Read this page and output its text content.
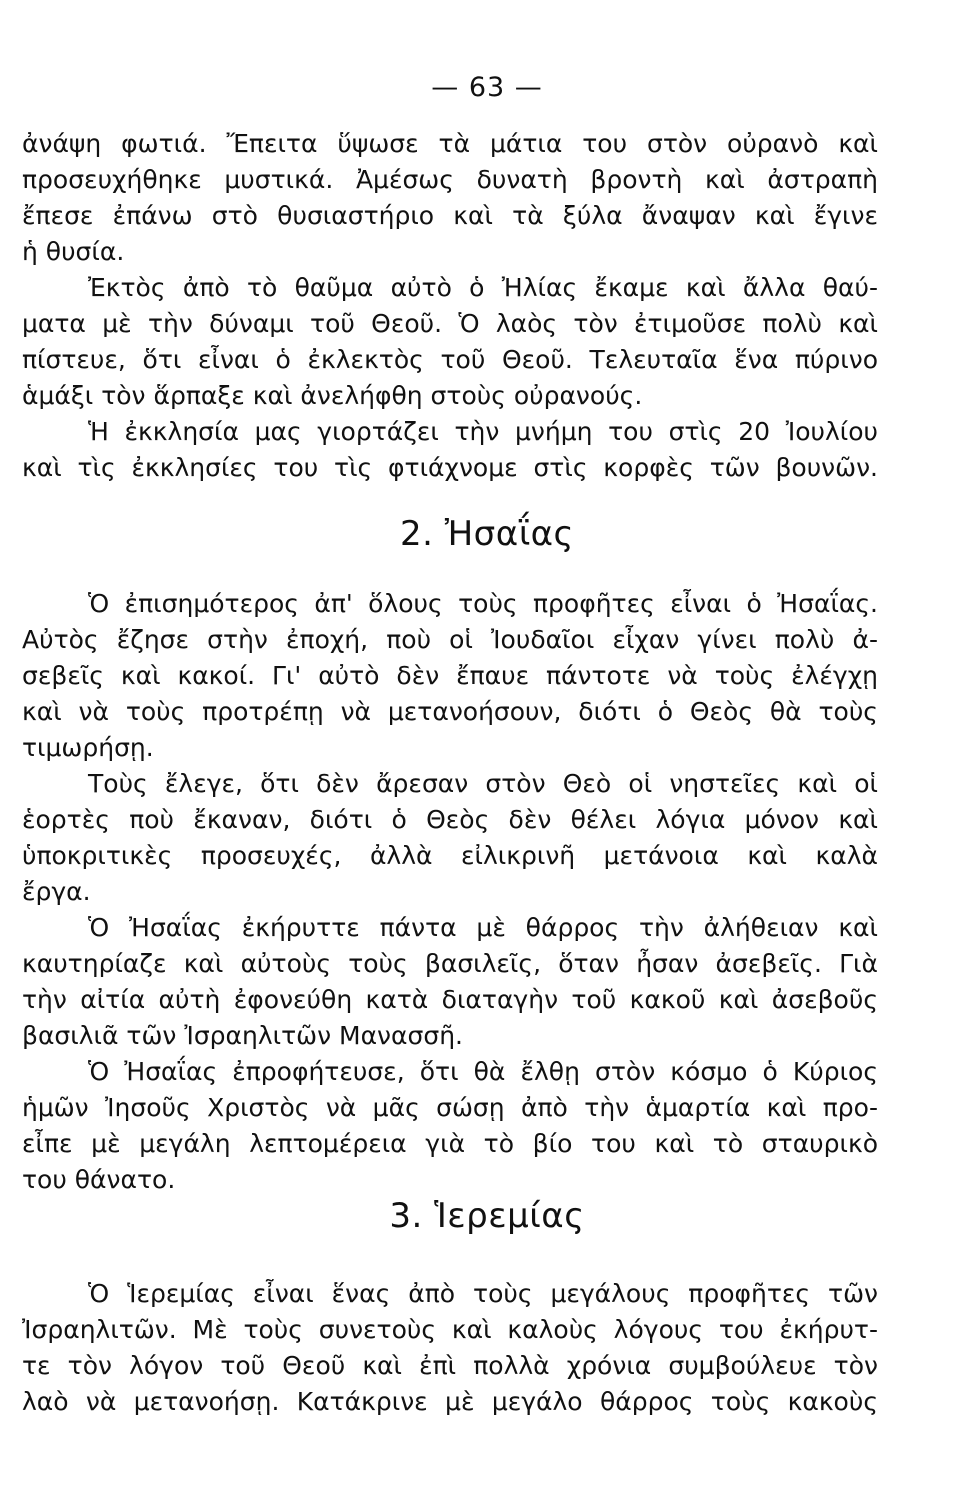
— 63 —
ἀνάψη φωτιά. Ἔπειτα ὕψωσε τὰ μάτια του στὸν οὐρανὸ καὶ
προσευχήθηκε μυστικά. Ἀμέσως δυνατὴ βροντὴ καὶ ἀστραπὴ
ἔπεσε ἐπάνω στὸ θυσιαστήριο καὶ τὰ ξύλα ἄναψαν καὶ ἔγινε
ἡ θυσία.
Ἐκτὸς ἀπὸ τὸ θαῦμα αὐτὸ ὁ Ἠλίας ἔκαμε καὶ ἄλλα θαύ-
ματα μὲ τὴν δύναμι τοῦ Θεοῦ. Ὁ λαὸς τὸν ἐτιμοῦσε πολὺ καὶ
πίστευε, ὅτι εἶναι ὁ ἐκλεκτὸς τοῦ Θεοῦ. Τελευταῖα ἕνα πύρινο
ἁμάξι τὸν ἅρπαξε καὶ ἀνελήφθη στοὺς οὐρανούς.
Ἡ ἐκκλησία μας γιορτάζει τὴν μνήμη του στὶς 20 Ἰουλίου
καὶ τὶς ἐκκλησίες του τὶς φτιάχνομε στὶς κορφὲς τῶν βουνῶν.
2. Ἠσαΐας
Ὁ ἐπισημότερος ἀπ' ὅλους τοὺς προφῆτες εἶναι ὁ Ἠσαΐας.
Αὐτὸς ἔζησε στὴν ἐποχή, ποὺ οἱ Ἰουδαῖοι εἶχαν γίνει πολὺ ἀ-
σεβεῖς καὶ κακοί. Γι' αὐτὸ δὲν ἔπαυε πάντοτε νὰ τοὺς ἐλέγχῃ
καὶ νὰ τοὺς προτρέπῃ νὰ μετανοήσουν, διότι ὁ Θεὸς θὰ τοὺς
τιμωρήσῃ.
Τοὺς ἔλεγε, ὅτι δὲν ἄρεσαν στὸν Θεὸ οἱ νηστεῖες καὶ οἱ
ἑορτὲς ποὺ ἔκαναν, διότι ὁ Θεὸς δὲν θέλει λόγια μόνον καὶ
ὑποκριτικὲς προσευχές, ἀλλὰ εἰλικρινῆ μετάνοια καὶ καλὰ
ἔργα.
Ὁ Ἠσαΐας ἐκήρυττε πάντα μὲ θάρρος τὴν ἀλήθειαν καὶ
καυτηρίαζε καὶ αὐτοὺς τοὺς βασιλεῖς, ὅταν ἦσαν ἀσεβεῖς. Γιὰ
τὴν αἰτία αὐτὴ ἐφονεύθη κατὰ διαταγὴν τοῦ κακοῦ καὶ ἀσεβοῦς
βασιλιᾶ τῶν Ἰσραηλιτῶν Μανασσῆ.
Ὁ Ἠσαΐας ἐπροφήτευσε, ὅτι θὰ ἔλθῃ στὸν κόσμο ὁ Κύριος
ἡμῶν Ἰησοῦς Χριστὸς νὰ μᾶς σώσῃ ἀπὸ τὴν ἁμαρτία καὶ προ-
εἶπε μὲ μεγάλη λεπτομέρεια γιὰ τὸ βίο του καὶ τὸ σταυρικὸ
του θάνατο.
3. Ἱερεμίας
Ὁ Ἱερεμίας εἶναι ἕνας ἀπὸ τοὺς μεγάλους προφῆτες τῶν
Ἰσραηλιτῶν. Μὲ τοὺς συνετοὺς καὶ καλοὺς λόγους του ἐκήρυτ-
τε τὸν λόγον τοῦ Θεοῦ καὶ ἐπὶ πολλὰ χρόνια συμβούλευε τὸν
λαὸ νὰ μετανοήσῃ. Κατάκρινε μὲ μεγάλο θάρρος τοὺς κακοὺς
